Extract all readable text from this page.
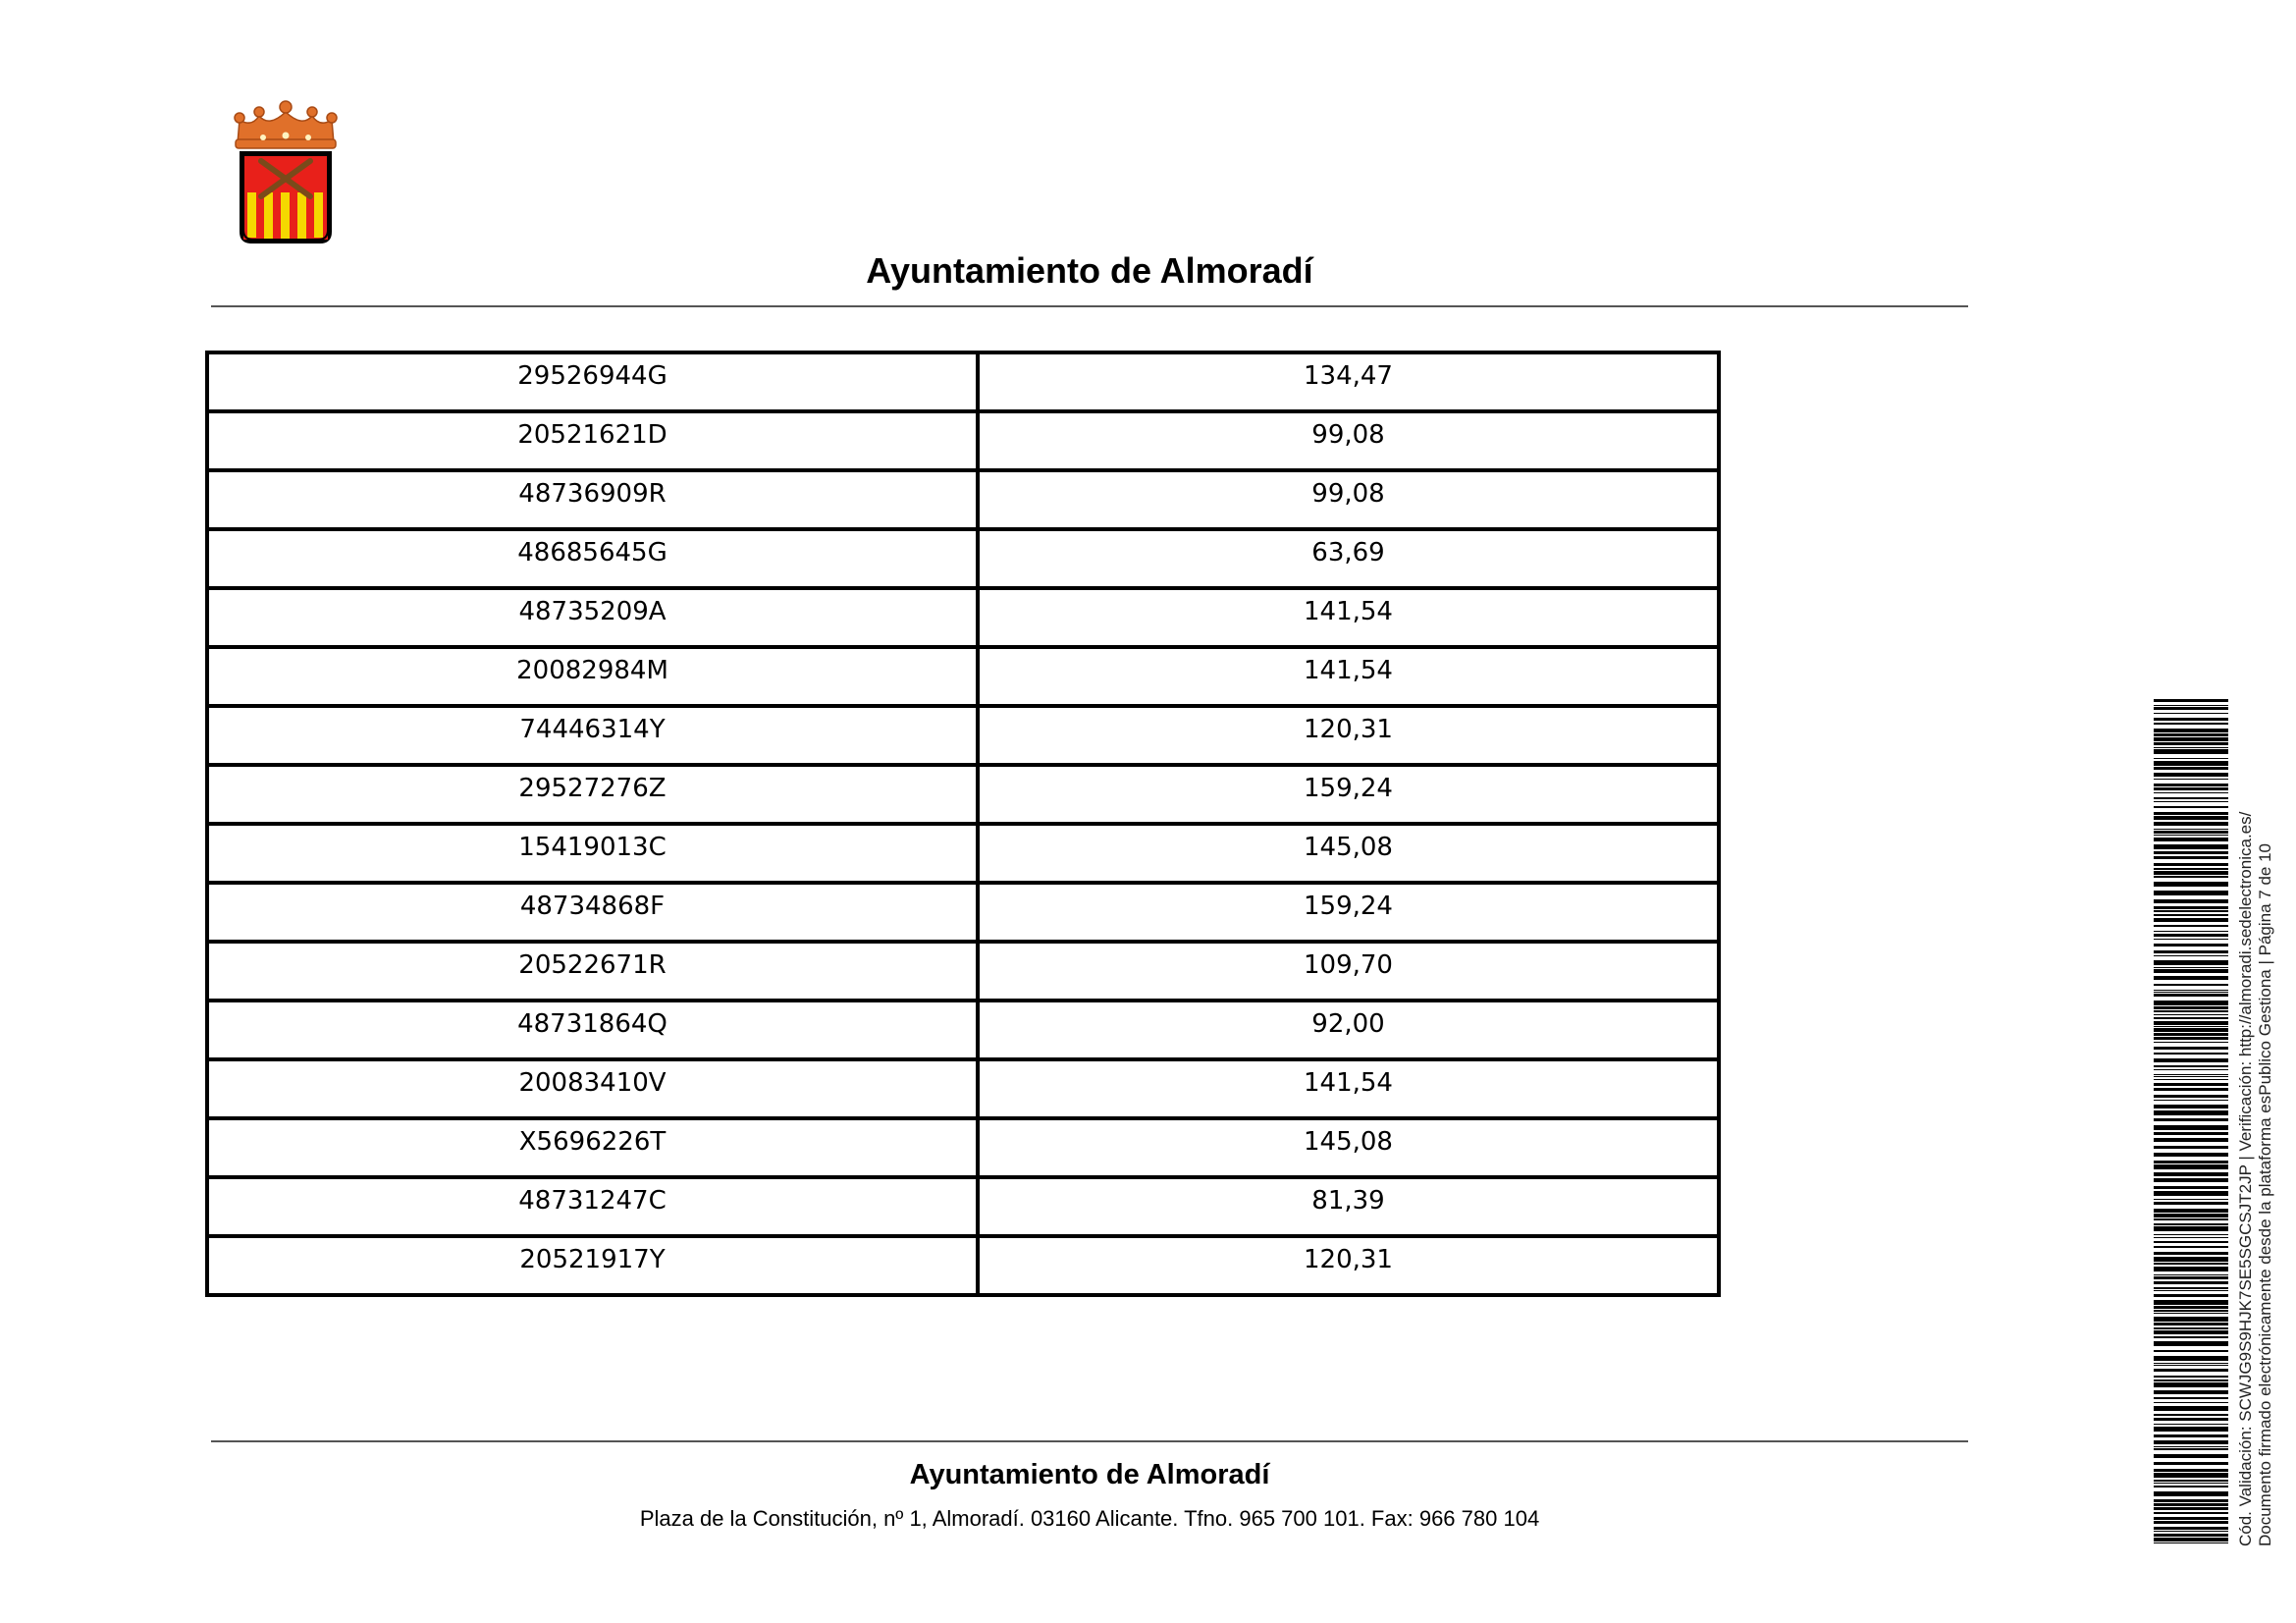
Ayuntamiento de Almoradí
29526944G	134,47
20521621D	99,08
48736909R	99,08
48685645G	63,69
48735209A	141,54
20082984M	141,54
74446314Y	120,31
29527276Z	159,24
15419013C	145,08
48734868F	159,24
20522671R	109,70
48731864Q	92,00
20083410V	141,54
X5696226T	145,08
48731247C	81,39
20521917Y	120,31
Ayuntamiento de Almoradí
Plaza de la Constitución, nº 1, Almoradí. 03160 Alicante. Tfno. 965 700 101. Fax: 966 780 104	Cód. Validación: SCWJG9S9HJK7SE5SGCSJT2JP | Verificación: http://almoradi.sedelectronica.es/ Documento firmado electrónicamente desde la plataforma esPublico Gestiona | Página 7 de 10
